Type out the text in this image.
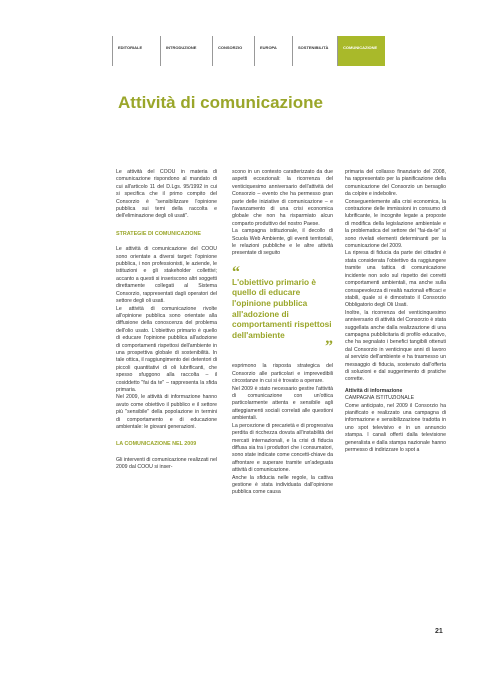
EDITORIALE	INTRODUZIONE	CONSORZIO	EUROPA	SOSTENIBILITÀ	COMUNICAZIONE
Attività di comunicazione

Le attività del COOU in materia di comunicazione rispondono al mandato di cui all'articolo 11 del D.Lgs. 95/1992 in cui si specifica che il primo compito del Consorzio è "sensibilizzare l'opinione pubblica sui temi della raccolta e dell'eliminazione degli oli usati".

STRATEGIE DI COMUNICAZIONE

Le attività di comunicazione del COOU sono orientate a diversi target: l'opinione pubblica, i non professionisti, le aziende, le istituzioni e gli stakeholder collettivi; accanto a questi si inseriscono altri soggetti direttamente collegati al Sistema Consorzio, rappresentati dagli operatori del settore degli oli usati.

Le attività di comunicazione rivolte all'opinione pubblica sono orientate alla diffusione della conoscenza del problema dell'olio usato. L'obiettivo primario è quello di educare l'opinione pubblica all'adozione di comportamenti rispettosi dell'ambiente in una prospettiva globale di sostenibilità. In tale ottica, il raggiungimento dei detentori di piccoli quantitativi di oli lubrificanti, che spesso sfuggono alla raccolta – il cosiddetto "fai da te" – rappresenta la sfida primaria.

Nel 2009, le attività di informazione hanno avuto come obiettivo il pubblico e il settore più "sensibile" della popolazione in termini di comportamento e di educazione ambientale: le giovani generazioni.

LA COMUNICAZIONE NEL 2009

Gli interventi di comunicazione realizzati nel 2009 dal COOU si inser-

scono in un contesto caratterizzato da due aspetti eccezionali: la ricorrenza del venticiquesimo anniversario dell'attività del Consorzio – evento che ha permesso gran parte delle iniziative di comunicazione – e l'avanzamento di una crisi economica globale che non ha risparmiato alcun comparto produttivo del nostro Paese.

La campagna istituzionale, il decollo di Scuola Web Ambiente, gli eventi territoriali, le relazioni pubbliche e le altre attività presentate di seguito

“
L'obiettivo primario è quello di educare l'opinione pubblica all'adozione di comportamenti rispettosi dell'ambiente
”

esprimono la risposta strategica del Consorzio alle particolari e imprevedibili circostanze in cui si è trovato a operare.

Nel 2009 è stato necessario gestire l'attività di comunicazione con un'ottica particolarmente attenta e sensibile agli atteggiamenti sociali correlati alle questioni ambientali.

La percezione di precarietà e di progressiva perdita di ricchezza dovuta all'instabilità dei mercati internazionali, e la crisi di fiducia diffusa sia tra i produttori che i consumatori, sono state indicate come concetti-chiave da affrontare e superare tramite un'adeguata attività di comunicazione.

Anche la sfiducia nelle regole, la cattiva gestione è stata individuata dall'opinione pubblica come causa

primaria del collasso finanziario del 2008, ha rappresentato per la pianificazione della comunicazione del Consorzio un bersaglio da colpire e indebolire.

Conseguentemente alla crisi economica, la contrazione delle immissioni in consumo di lubrificante, le incognite legate a proposte di modifica della legislazione ambientale e la problematica del settore del "fai-da-te" si sono rivelati elementi determinanti per la comunicazione del 2009.

La ripresa di fiducia da parte dei cittadini è stata considerata l'obiettivo da raggiungere tramite una tattica di comunicazione incidente non solo sul rispetto dei corretti comportamenti ambientali, ma anche sulla consapevolezza di realtà nazionali efficaci e stabili, quale si è dimostrato il Consorzio Obbligatorio degli Oli Usati.

Inoltre, la ricorrenza del venticinquesimo anniversario di attività del Consorzio è stata suggellata anche dalla realizzazione di una campagna pubblicitaria di profilo educativo, che ha segnalato i benefici tangibili ottenuti dal Consorzio in venticinque anni di lavoro al servizio dell'ambiente e ha trasmesso un messaggio di fiducia, sostenuto dall'offerta di soluzioni e dal suggerimento di pratiche corrette.

Attività di informazione

CAMPAGNA ISTITUZIONALE

Come anticipato, nel 2009 il Consorzio ha pianificato e realizzato una campagna di informazione e sensibilizzazione tradotta in uno spot televisivo e in un annuncio stampa. I canali offerti dalla televisione generalista e dalla stampa nazionale hanno permesso di indirizzare lo spot a

21
